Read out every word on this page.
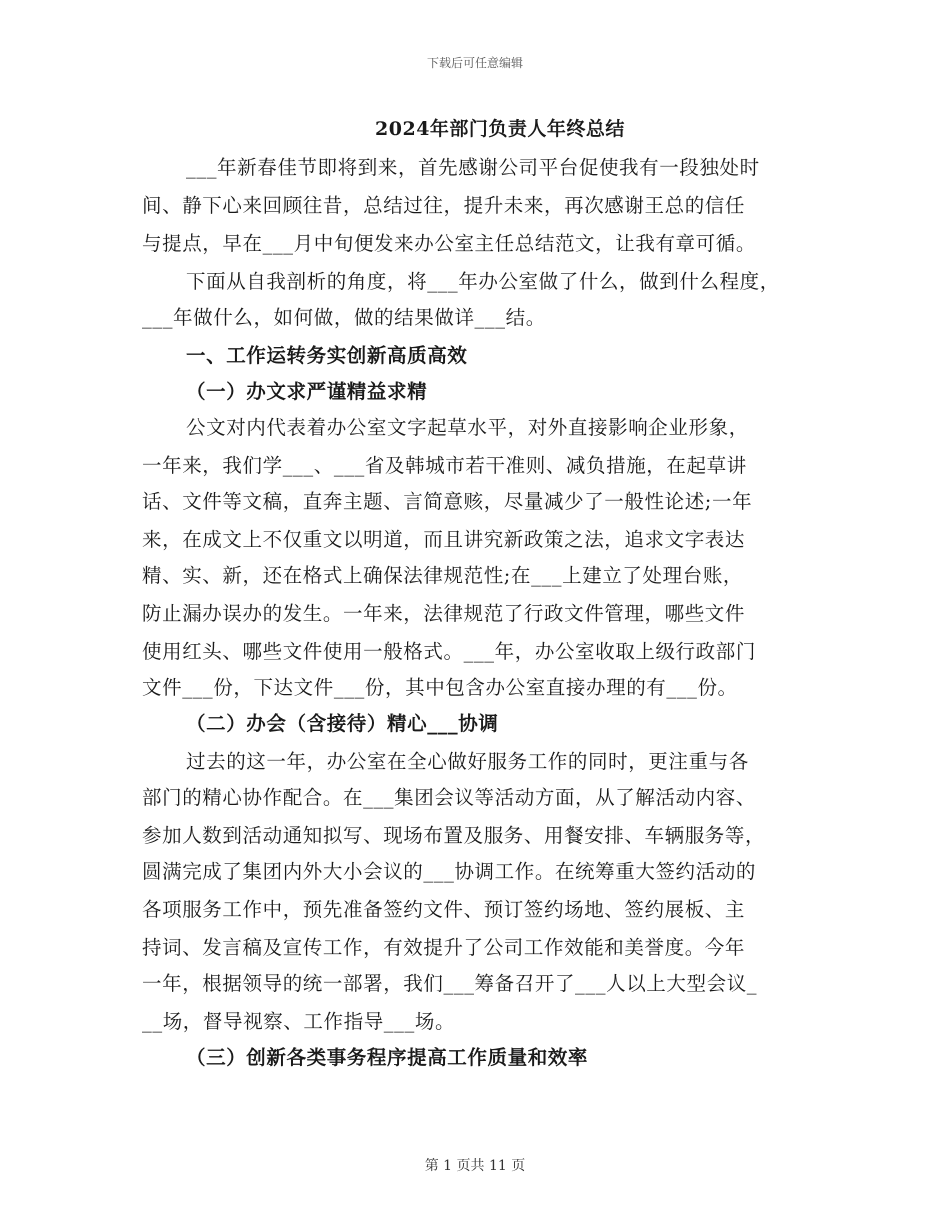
下载后可任意编辑
2024年部门负责人年终总结
___年新春佳节即将到来，首先感谢公司平台促使我有一段独处时
间、静下心来回顾往昔，总结过往，提升未来，再次感谢王总的信任
与提点，早在___月中旬便发来办公室主任总结范文，让我有章可循。
下面从自我剖析的角度，将___年办公室做了什么，做到什么程度，
___年做什么，如何做，做的结果做详___结。
一、工作运转务实创新高质高效
（一）办文求严谨精益求精
公文对内代表着办公室文字起草水平，对外直接影响企业形象，
一年来，我们学___、___省及韩城市若干准则、减负措施，在起草讲
话、文件等文稿，直奔主题、言简意赅，尽量减少了一般性论述;一年
来，在成文上不仅重文以明道，而且讲究新政策之法，追求文字表达
精、实、新，还在格式上确保法律规范性;在___上建立了处理台账，
防止漏办误办的发生。一年来，法律规范了行政文件管理，哪些文件
使用红头、哪些文件使用一般格式。___年，办公室收取上级行政部门
文件___份，下达文件___份，其中包含办公室直接办理的有___份。
（二）办会（含接待）精心___协调
过去的这一年，办公室在全心做好服务工作的同时，更注重与各
部门的精心协作配合。在___集团会议等活动方面，从了解活动内容、
参加人数到活动通知拟写、现场布置及服务、用餐安排、车辆服务等，
圆满完成了集团内外大小会议的___协调工作。在统筹重大签约活动的
各项服务工作中，预先准备签约文件、预订签约场地、签约展板、主
持词、发言稿及宣传工作，有效提升了公司工作效能和美誉度。今年
一年，根据领导的统一部署，我们___筹备召开了___人以上大型会议_
__场，督导视察、工作指导___场。
（三）创新各类事务程序提高工作质量和效率
第 1 页共 11 页
